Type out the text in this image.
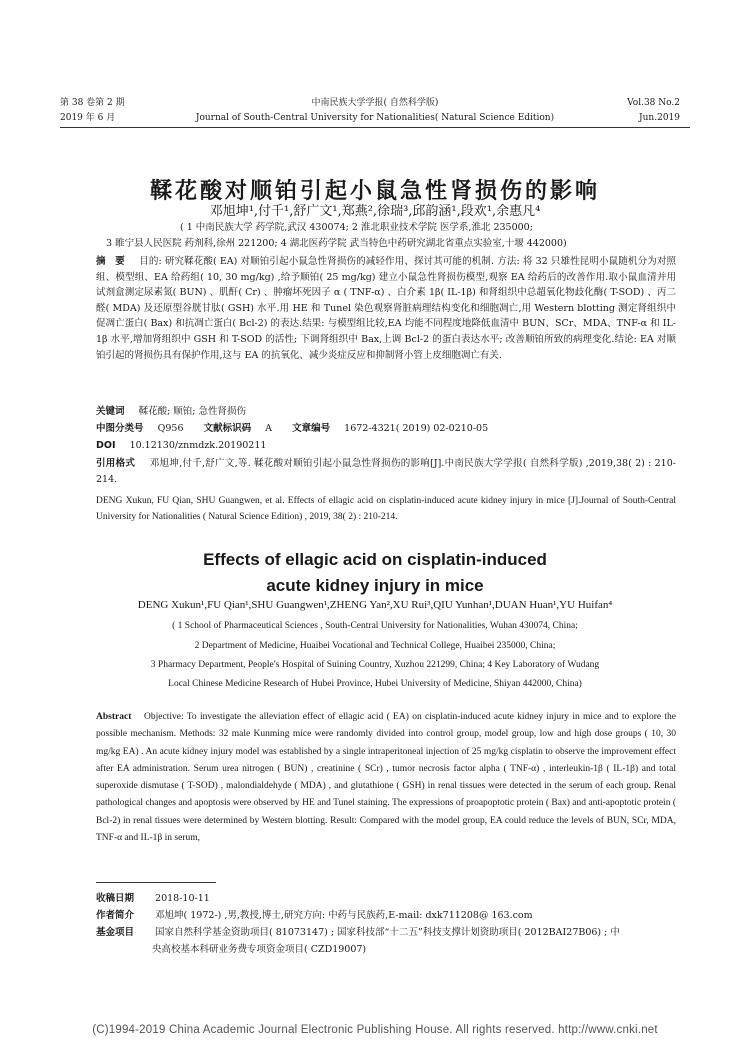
第 38 卷第 2 期
2019 年 6 月
中南民族大学学报( 自然科学版)
Journal of South-Central University for Nationalities( Natural Science Edition)
Vol.38 No.2
Jun.2019
鞣花酸对顺铂引起小鼠急性肾损伤的影响
邓旭坤¹,付千¹,舒广文¹,郑燕²,徐瑞³,邱韵涵¹,段欢¹,余惠凡⁴
( 1 中南民族大学 药学院,武汉 430074; 2 淮北职业技术学院 医学系,淮北 235000;
3 睢宁县人民医院 药剂科,徐州 221200; 4 湖北医药学院 武当特色中药研究湖北省重点实验室,十堰 442000)
摘　要 目的: 研究鞣花酸( EA) 对顺铂引起小鼠急性肾损伤的减轻作用、探讨其可能的机制. 方法: 将 32 只雄性昆明小鼠随机分为对照组、模型组、EA 给药组( 10, 30 mg/kg) ,给予顺铂( 25 mg/kg) 建立小鼠急性肾损伤模型,观察 EA 给药后的改善作用.取小鼠血清并用试剂盒测定尿素氮( BUN) 、肌酐( Cr) 、肿瘤坏死因子 α ( TNF-α) 、白介素 1β( IL-1β) 和肾组织中总超氧化物歧化酶( T-SOD) 、丙二醛( MDA) 及还原型谷胱甘肽( GSH) 水平.用 HE 和 Tunel 染色观察肾脏病理结构变化和细胞凋亡,用 Western blotting 测定肾组织中促凋亡蛋白( Bax) 和抗凋亡蛋白( Bcl-2) 的表达.结果: 与模型组比较,EA 均能不同程度地降低血清中 BUN、SCr、MDA、TNF-α 和 IL-1β 水平,增加肾组织中 GSH 和 T-SOD 的活性; 下调肾组织中 Bax,上调 Bcl-2 的蛋白表达水平; 改善顺铂所致的病理变化.结论: EA 对顺铂引起的肾损伤具有保护作用,这与 EA 的抗氧化、减少炎症反应和抑制肾小管上皮细胞凋亡有关.
关键词 鞣花酸; 顺铂; 急性肾损伤
中图分类号 Q956 文献标识码 A 文章编号 1672-4321( 2019) 02-0210-05
DOI 10.12130/znmdzk.20190211
引用格式 邓旭坤,付千,舒广文,等. 鞣花酸对顺铂引起小鼠急性肾损伤的影响[J].中南民族大学学报( 自然科学版) ,2019,38( 2) : 210-214.
DENG Xukun, FU Qian, SHU Guangwen, et al. Effects of ellagic acid on cisplatin-induced acute kidney injury in mice [J].Journal of South-Central University for Nationalities ( Natural Science Edition) , 2019, 38( 2) : 210-214.
Effects of ellagic acid on cisplatin-induced
acute kidney injury in mice
DENG Xukun¹,FU Qian¹,SHU Guangwen¹,ZHENG Yan²,XU Rui³,QIU Yunhan¹,DUAN Huan¹,YU Huifan⁴
( 1 School of Pharmaceutical Sciences , South-Central University for Nationalities, Wuhan 430074, China;
2 Department of Medicine, Huaibei Vocational and Technical College, Huaibei 235000, China;
3 Pharmacy Department, People′s Hospital of Suining Country, Xuzhou 221299, China; 4 Key Laboratory of Wudang
Local Chinese Medicine Research of Hubei Province, Hubei University of Medicine, Shiyan 442000, China)
Abstract Objective: To investigate the alleviation effect of ellagic acid ( EA) on cisplatin-induced acute kidney injury in mice and to explore the possible mechanism. Methods: 32 male Kunming mice were randomly divided into control group, model group, low and high dose groups ( 10, 30 mg/kg EA) . An acute kidney injury model was established by a single intraperitoneal injection of 25 mg/kg cisplatin to observe the improvement effect after EA administration. Serum urea nitrogen ( BUN) , creatinine ( SCr) , tumor necrosis factor alpha ( TNF-α) , interleukin-1β ( IL-1β) and total superoxide dismutase ( T-SOD) , malondialdehyde ( MDA) , and glutathione ( GSH) in renal tissues were detected in the serum of each group. Renal pathological changes and apoptosis were observed by HE and Tunel staining. The expressions of proapoptotic protein ( Bax) and anti-apoptotic protein ( Bcl-2) in renal tissues were determined by Western blotting. Result: Compared with the model group, EA could reduce the levels of BUN, SCr, MDA, TNF-α and IL-1β in serum,
收稿日期 2018-10-11
作者简介 邓旭坤( 1972-) ,男,教授,博士,研究方向: 中药与民族药,E-mail: dxk711208@ 163.com
基金项目 国家自然科学基金资助项目( 81073147) ; 国家科技部“十二五”科技支撑计划资助项目( 2012BAI27B06) ; 中
央高校基本科研业务费专项资金项目( CZD19007)
(C)1994-2019 China Academic Journal Electronic Publishing House. All rights reserved. http://www.cnki.net
